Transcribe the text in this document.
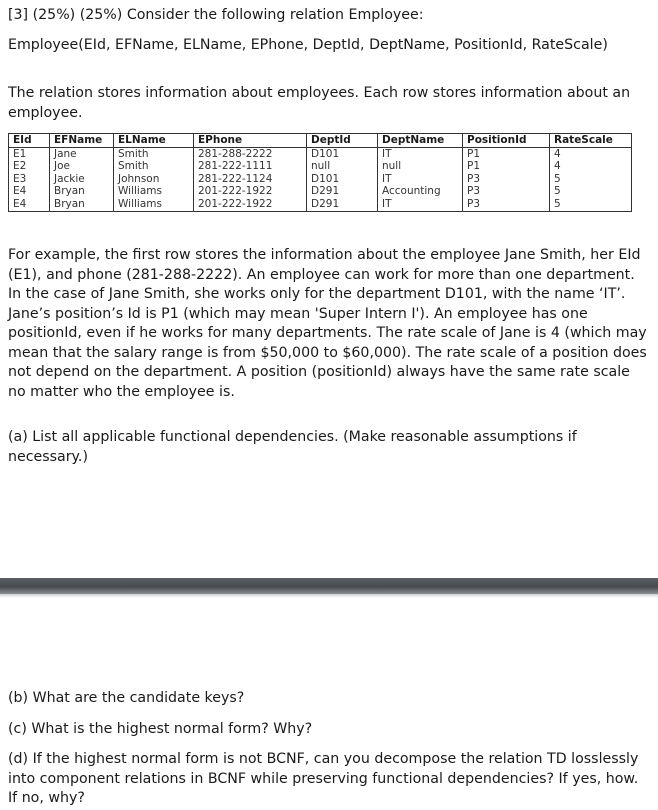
[3] (25%) (25%) Consider the following relation Employee:

Employee(EId, EFName, ELName, EPhone, DeptId, DeptName, PositionId, RateScale)

The relation stores information about employees. Each row stores information about an employee.

EId	EFName	ELName	EPhone	DeptId	DeptName	PositionId	RateScale
E1	Jane	Smith	281-288-2222	D101	IT	P1	4
E2	Joe	Smith	281-222-1111	null	null	P1	4
E3	Jackie	Johnson	281-222-1124	D101	IT	P3	5
E4	Bryan	Williams	201-222-1922	D291	Accounting	P3	5
E4	Bryan	Williams	201-222-1922	D291	IT	P3	5

For example, the first row stores the information about the employee Jane Smith, her EId (E1), and phone (281-288-2222). An employee can work for more than one department. In the case of Jane Smith, she works only for the department D101, with the name ‘IT’. Jane’s position’s Id is P1 (which may mean 'Super Intern I'). An employee has one positionId, even if he works for many departments. The rate scale of Jane is 4 (which may mean that the salary range is from $50,000 to $60,000). The rate scale of a position does not depend on the department. A position (positionId) always have the same rate scale no matter who the employee is.

(a) List all applicable functional dependencies. (Make reasonable assumptions if necessary.)

(b) What are the candidate keys?

(c) What is the highest normal form? Why?

(d) If the highest normal form is not BCNF, can you decompose the relation TD losslessly into component relations in BCNF while preserving functional dependencies? If yes, how. If no, why?
